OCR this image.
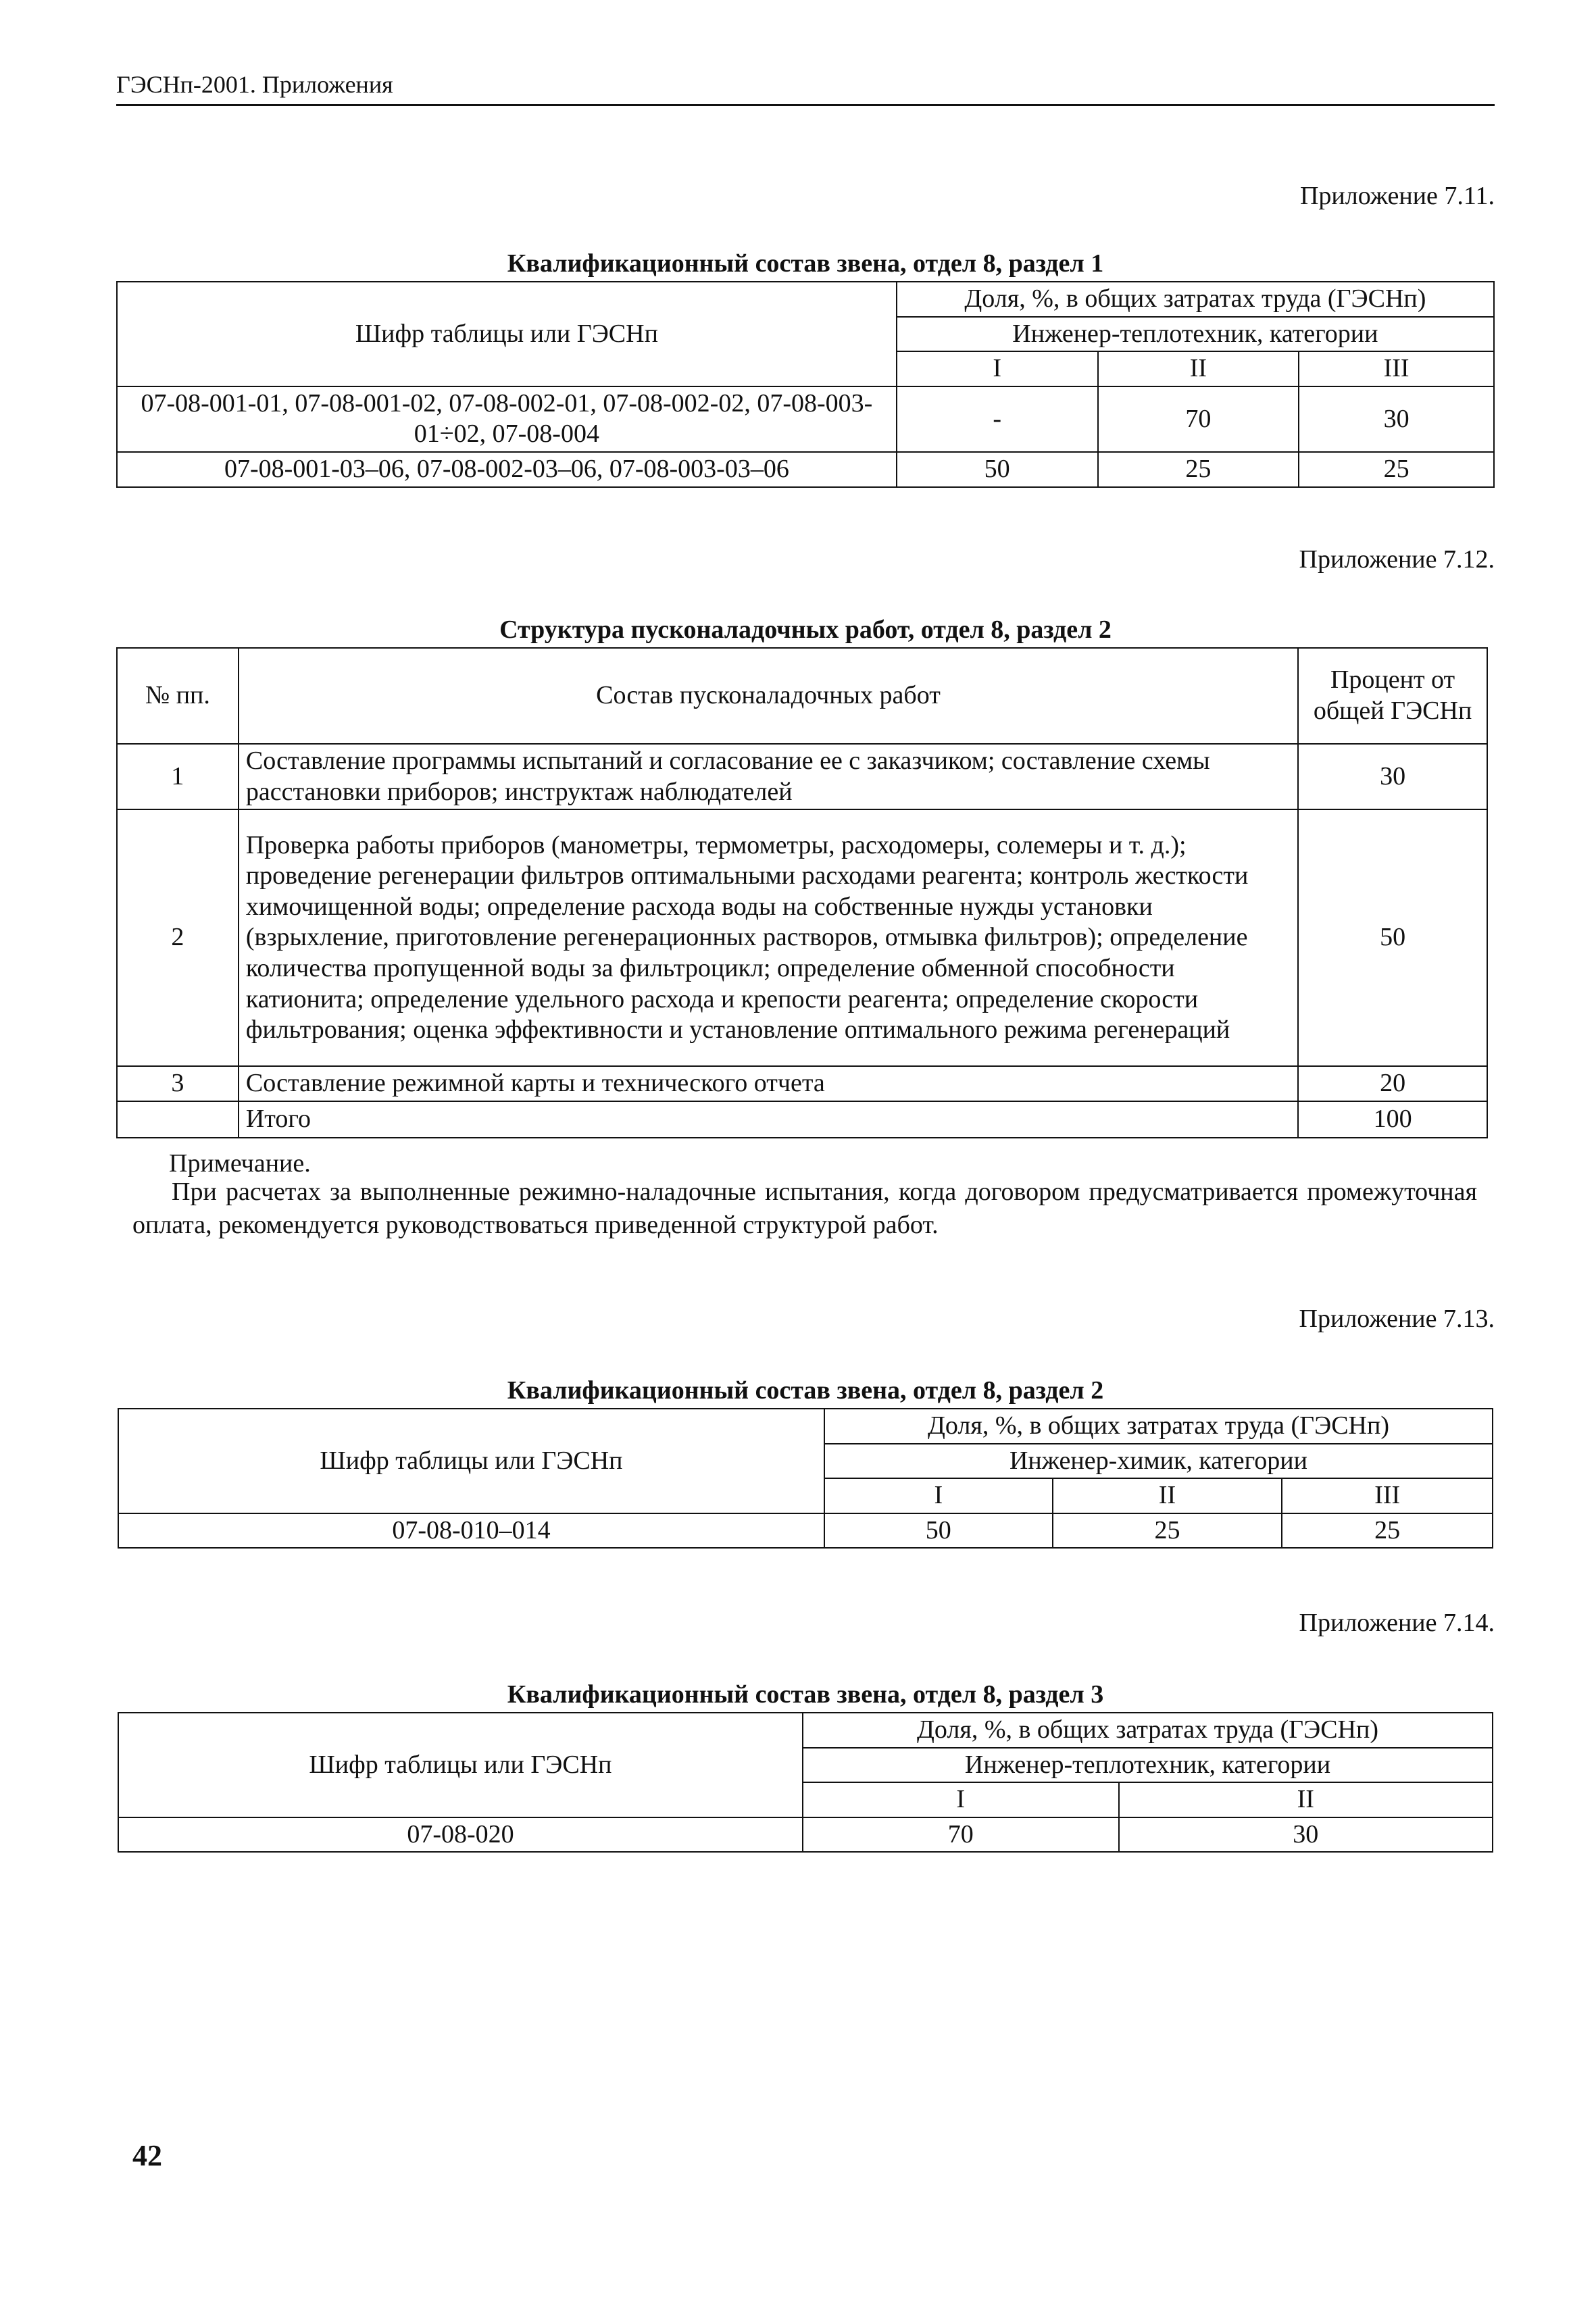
ГЭСНп-2001. Приложения
Приложение 7.11.
Квалификационный состав звена, отдел 8, раздел 1
Шифр таблицы или ГЭСНп	Доля, %, в общих затратах труда (ГЭСНп)		
	Инженер-теплотехник, категории		
	I	II	III
07-08-001-01, 07-08-001-02, 07-08-002-01, 07-08-002-02, 07-08-003-01÷02, 07-08-004	-	70	30
07-08-001-03–06, 07-08-002-03–06, 07-08-003-03–06	50	25	25
Приложение 7.12.
Структура пусконаладочных работ, отдел 8, раздел 2
№ пп.	Состав пусконаладочных работ	Процент от общей ГЭСНп
1	Составление программы испытаний и согласование ее с заказчиком; составление схемы расстановки приборов; инструктаж наблюдателей	30
2	Проверка работы приборов (манометры, термометры, расходомеры, солемеры и т. д.); проведение регенерации фильтров оптимальными расходами реагента; контроль жесткости химочищенной воды; определение расхода воды на собственные нужды установки (взрыхление, приготовление регенерационных растворов, отмывка фильтров); определение количества пропущенной воды за фильтроцикл; определение обменной способности катионита; определение удельного расхода и крепости реагента; определение скорости фильтрования; оценка эффективности и установление оптимального режима регенераций	50
3	Составление режимной карты и технического отчета	20
	Итого	100
Примечание.
При расчетах за выполненные режимно-наладочные испытания, когда договором предусматривается промежуточная оплата, рекомендуется руководствоваться приведенной структурой работ.
Приложение 7.13.
Квалификационный состав звена, отдел 8, раздел 2
Шифр таблицы или ГЭСНп	Доля, %, в общих затратах труда (ГЭСНп)		
	Инженер-химик, категории		
	I	II	III
07-08-010–014	50	25	25
Приложение 7.14.
Квалификационный состав звена, отдел 8, раздел 3
Шифр таблицы или ГЭСНп	Доля, %, в общих затратах труда (ГЭСНп)	
	Инженер-теплотехник, категории	
	I	II
07-08-020	70	30
42
